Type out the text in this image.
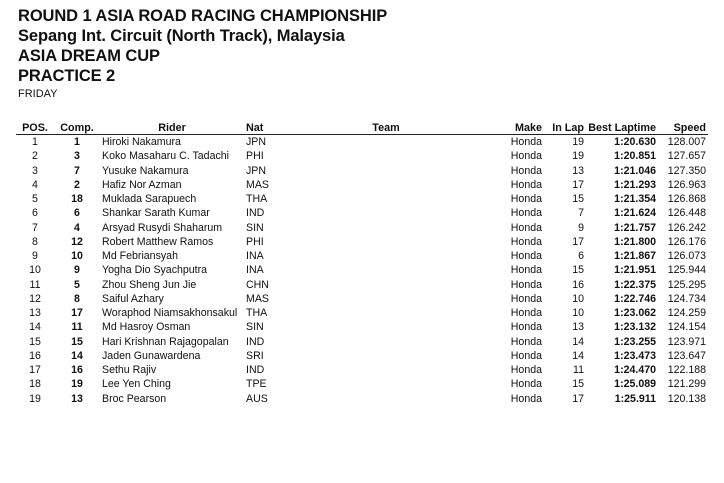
ROUND 1 ASIA ROAD RACING CHAMPIONSHIP
Sepang Int. Circuit (North Track), Malaysia
ASIA DREAM CUP
PRACTICE 2
FRIDAY
POS.	Comp.	Rider	Nat	Team	Make	In Lap	Best Laptime	Speed
1	1	Hiroki Nakamura	JPN		Honda	19	1:20.630	128.007
2	3	Koko Masaharu C. Tadachi	PHI		Honda	19	1:20.851	127.657
3	7	Yusuke Nakamura	JPN		Honda	13	1:21.046	127.350
4	2	Hafiz Nor Azman	MAS		Honda	17	1:21.293	126.963
5	18	Muklada Sarapuech	THA		Honda	15	1:21.354	126.868
6	6	Shankar Sarath Kumar	IND		Honda	7	1:21.624	126.448
7	4	Arsyad Rusydi Shaharum	SIN		Honda	9	1:21.757	126.242
8	12	Robert Matthew Ramos	PHI		Honda	17	1:21.800	126.176
9	10	Md Febriansyah	INA		Honda	6	1:21.867	126.073
10	9	Yogha Dio Syachputra	INA		Honda	15	1:21.951	125.944
11	5	Zhou Sheng Jun Jie	CHN		Honda	16	1:22.375	125.295
12	8	Saiful Azhary	MAS		Honda	10	1:22.746	124.734
13	17	Woraphod Niamsakhonsakul	THA		Honda	10	1:23.062	124.259
14	11	Md Hasroy Osman	SIN		Honda	13	1:23.132	124.154
15	15	Hari Krishnan Rajagopalan	IND		Honda	14	1:23.255	123.971
16	14	Jaden Gunawardena	SRI		Honda	14	1:23.473	123.647
17	16	Sethu Rajiv	IND		Honda	11	1:24.470	122.188
18	19	Lee Yen Ching	TPE		Honda	15	1:25.089	121.299
19	13	Broc Pearson	AUS		Honda	17	1:25.911	120.138
